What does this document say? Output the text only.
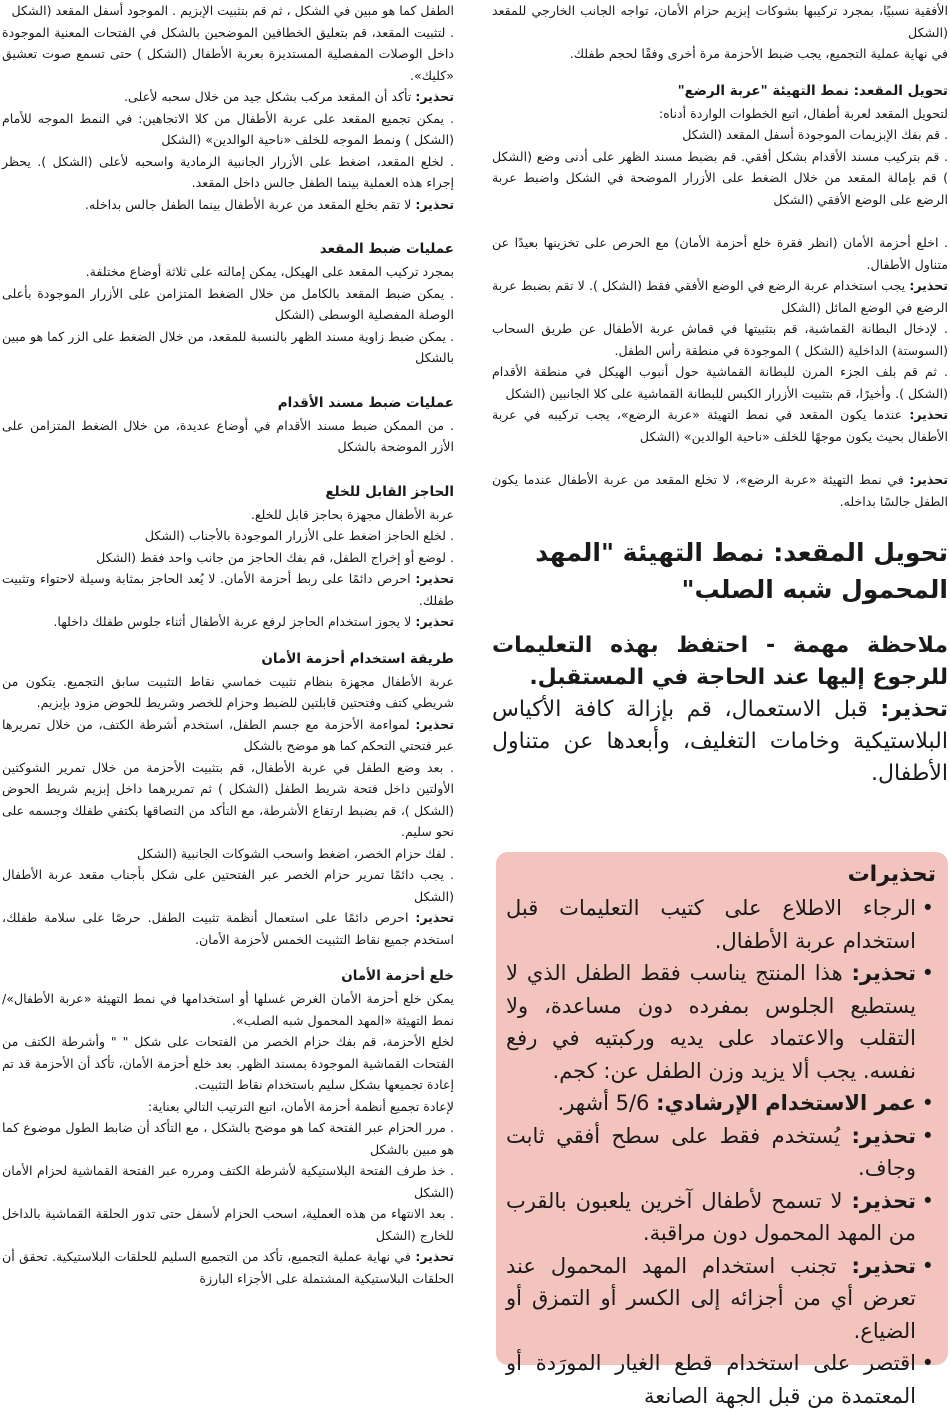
الأفقية نسبيًا، بمجرد تركيبها بشوكات إبزيم حزام الأمان، تواجه الجانب الخارجي للمقعد (الشكل

في نهاية عملية التجميع، يجب ضبط الأحزمة مرة أخرى وفقًا لحجم طفلك.

تحويل المقعد: نمط التهيئة "عربة الرضع"

لتحويل المقعد لعربة أطفال، اتبع الخطوات الواردة أدناه:

. قم بفك الإبزيمات الموجودة أسفل المقعد (الشكل

. قم بتركيب مسند الأقدام بشكل أفقي. قم بضبط مسند الظهر على أدنى وضع (الشكل ) قم بإمالة المقعد من خلال الضغط على الأزرار الموضحة في الشكل واضبط عربة الرضع على الوضع الأفقي (الشكل

. اخلع أحزمة الأمان (انظر فقرة خلع أحزمة الأمان) مع الحرص على تخزينها بعيدًا عن متناول الأطفال.

تحذير: يجب استخدام عربة الرضع في الوضع الأفقي فقط (الشكل ). لا تقم بضبط عربة الرضع في الوضع المائل (الشكل

. لإدخال البطانة القماشية، قم بتثبيتها في قماش عربة الأطفال عن طريق السحاب (السوستة) الداخلية (الشكل ) الموجودة في منطقة رأس الطفل.

. ثم قم بلف الجزء المرن للبطانة القماشية حول أنبوب الهيكل في منطقة الأقدام (الشكل ). وأخيرًا، قم بتثبيت الأزرار الكبس للبطانة القماشية على كلا الجانبين (الشكل

تحذير: عندما يكون المقعد في نمط التهيئة «عربة الرضع»، يجب تركيبه في عربة الأطفال بحيث يكون موجهًا للخلف «ناحية الوالدين» (الشكل

تحذير: في نمط التهيئة «عربة الرضع»، لا تخلع المقعد من عربة الأطفال عندما يكون الطفل جالسًا بداخله.

تحويل المقعد: نمط التهيئة "المهد المحمول شبه الصلب"

ملاحظة مهمة - احتفظ بهذه التعليمات للرجوع إليها عند الحاجة في المستقبل.

تحذير: قبل الاستعمال، قم بإزالة كافة الأكياس البلاستيكية وخامات التغليف، وأبعدها عن متناول الأطفال.

تحذيرات
• الرجاء الاطلاع على كتيب التعليمات قبل استخدام عربة الأطفال.
• تحذير: هذا المنتج يناسب فقط الطفل الذي لا يستطيع الجلوس بمفرده دون مساعدة، ولا التقلب والاعتماد على يديه وركبتيه في رفع نفسه. يجب ألا يزيد وزن الطفل عن: كجم.
• عمر الاستخدام الإرشادي: 5/6 أشهر.
• تحذير: يُستخدم فقط على سطح أفقي ثابت وجاف.
• تحذير: لا تسمح لأطفال آخرين يلعبون بالقرب من المهد المحمول دون مراقبة.
• تحذير: تجنب استخدام المهد المحمول عند تعرض أي من أجزائه إلى الكسر أو التمزق أو الضياع.
• اقتصر على استخدام قطع الغيار المورَدة أو المعتمدة من قبل الجهة الصانعة

الطفل كما هو مبين في الشكل ، ثم قم بتثبيت الإبزيم . الموجود أسفل المقعد (الشكل

. لتثبيت المقعد، قم بتعليق الخطافين الموضحين بالشكل في الفتحات المعنية الموجودة داخل الوصلات المفصلية المستديرة بعربة الأطفال (الشكل ) حتى تسمع صوت تعشيق «كليك».

تحذير: تأكد أن المقعد مركب بشكل جيد من خلال سحبه لأعلى.

. يمكن تجميع المقعد على عربة الأطفال من كلا الاتجاهين: في النمط الموجه للأمام (الشكل ) ونمط الموجه للخلف «ناحية الوالدين» (الشكل

. لخلع المقعد، اضغط على الأزرار الجانبية الرمادية واسحبه لأعلى (الشكل ). يحظر إجراء هذه العملية بينما الطفل جالس داخل المقعد.

تحذير: لا تقم بخلع المقعد من عربة الأطفال بينما الطفل جالس بداخله.

عمليات ضبط المقعد

بمجرد تركيب المقعد على الهيكل، يمكن إمالته على ثلاثة أوضاع مختلفة.

. يمكن ضبط المقعد بالكامل من خلال الضغط المتزامن على الأزرار الموجودة بأعلى الوصلة المفصلية الوسطى (الشكل

. يمكن ضبط زاوية مسند الظهر بالنسبة للمقعد، من خلال الضغط على الزر كما هو مبين بالشكل

عمليات ضبط مسند الأقدام

. من الممكن ضبط مسند الأقدام في أوضاع عديدة، من خلال الضغط المتزامن على الأزر الموضحة بالشكل

الحاجز القابل للخلع

عربة الأطفال مجهزة بحاجز قابل للخلع.

. لخلع الحاجز اضغط على الأزرار الموجودة بالأجناب (الشكل

. لوضع أو إخراج الطفل، قم بفك الحاجز من جانب واحد فقط (الشكل

تحذير: احرص دائمًا على ربط أحزمة الأمان. لا يُعد الحاجز بمثابة وسيلة لاحتواء وتثبيت طفلك.

تحذير: لا يجوز استخدام الحاجز لرفع عربة الأطفال أثناء جلوس طفلك داخلها.

طريقة استخدام أحزمة الأمان

عربة الأطفال مجهزة بنظام تثبيت خماسي نقاط التثبيت سابق التجميع. يتكون من شريطي كتف وفتحتين قابلتين للضبط وحزام للخصر وشريط للحوض مزود بإبزيم.

تحذير: لمواءمة الأحزمة مع جسم الطفل، استخدم أشرطة الكتف، من خلال تمريرها عبر فتحتي التحكم كما هو موضح بالشكل

. بعد وضع الطفل في عربة الأطفال، قم بتثبيت الأحزمة من خلال تمرير الشوكتين الأولتين داخل فتحة شريط الطفل (الشكل ) ثم تمريرهما داخل إبزيم شريط الحوض (الشكل )، قم بضبط ارتفاع الأشرطة، مع التأكد من التصاقها بكتفي طفلك وجسمه على نحو سليم.

. لفك حزام الخصر، اضغط واسحب الشوكات الجانبية (الشكل

. يجب دائمًا تمرير حزام الخصر عبر الفتحتين على شكل بأجناب مقعد عربة الأطفال (الشكل

تحذير: احرص دائمًا على استعمال أنظمة تثبيت الطفل. حرصًا على سلامة طفلك، استخدم جميع نقاط التثبيت الخمس لأحزمة الأمان.

خلع أحزمة الأمان

يمكن خلع أحزمة الأمان الغرض غسلها أو استخدامها في نمط التهيئة «عربة الأطفال»/نمط التهيئة «المهد المحمول شبه الصلب».

لخلع الأحزمة، قم بفك حزام الخصر من الفتحات على شكل " " وأشرطة الكتف من الفتحات القماشية الموجودة بمسند الظهر. بعد خلع أحزمة الأمان، تأكد أن الأحزمة قد تم إعادة تجميعها بشكل سليم باستخدام نقاط التثبيت.

لإعادة تجميع أنظمة أحزمة الأمان، اتبع الترتيب التالي بعناية:

. مرر الحزام عبر الفتحة كما هو موضح بالشكل ، مع التأكد أن ضابط الطول موضوع كما هو مبين بالشكل

. خذ طرف الفتحة البلاستيكية لأشرطة الكتف ومرره عبر الفتحة القماشية لحزام الأمان (الشكل

. بعد الانتهاء من هذه العملية، اسحب الحزام لأسفل حتى تدور الحلقة القماشية بالداخل للخارج (الشكل

تحذير: في نهاية عملية التجميع، تأكد من التجميع السليم للحلقات البلاستيكية. تحقق أن الحلقات البلاستيكية المشتملة على الأجزاء البارزة
